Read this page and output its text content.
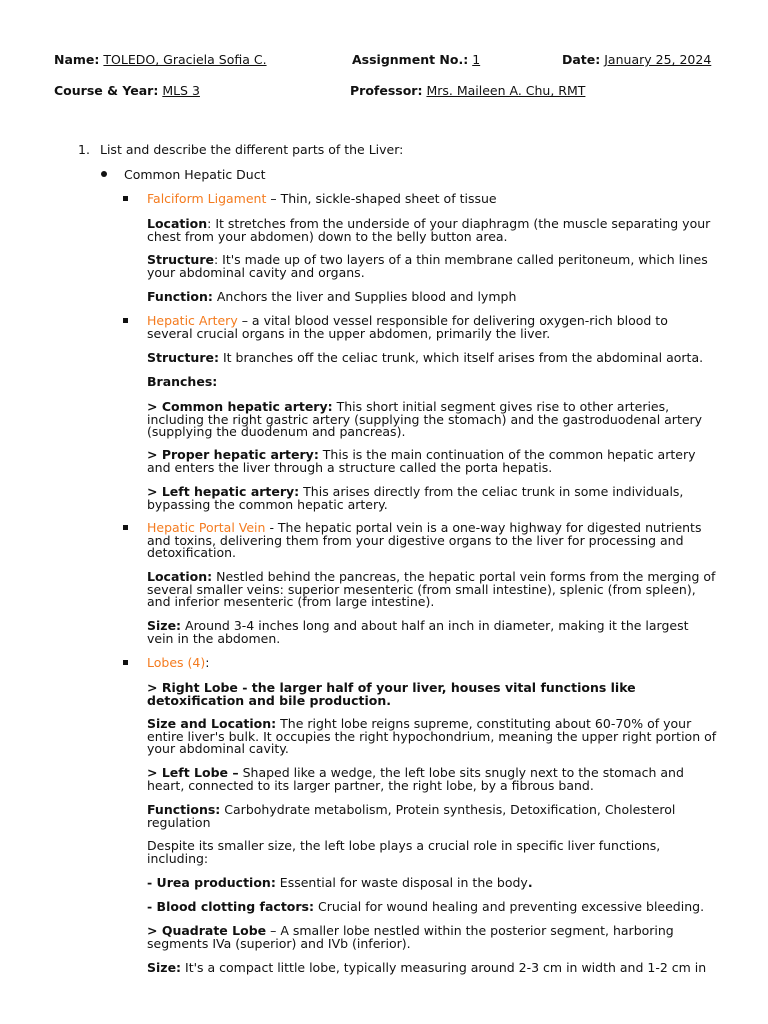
Name: TOLEDO, Graciela Sofia C.	Assignment No.: 1	Date: January 25, 2024
Course & Year: MLS 3	Professor: Mrs. Maileen A. Chu, RMT
1. List and describe the different parts of the Liver:
Common Hepatic Duct
Falciform Ligament – Thin, sickle-shaped sheet of tissue
Location: It stretches from the underside of your diaphragm (the muscle separating your chest from your abdomen) down to the belly button area.
Structure: It's made up of two layers of a thin membrane called peritoneum, which lines your abdominal cavity and organs.
Function: Anchors the liver and Supplies blood and lymph
Hepatic Artery – a vital blood vessel responsible for delivering oxygen-rich blood to several crucial organs in the upper abdomen, primarily the liver.
Structure: It branches off the celiac trunk, which itself arises from the abdominal aorta.
Branches:
> Common hepatic artery: This short initial segment gives rise to other arteries, including the right gastric artery (supplying the stomach) and the gastroduodenal artery (supplying the duodenum and pancreas).
> Proper hepatic artery: This is the main continuation of the common hepatic artery and enters the liver through a structure called the porta hepatis.
> Left hepatic artery: This arises directly from the celiac trunk in some individuals, bypassing the common hepatic artery.
Hepatic Portal Vein - The hepatic portal vein is a one-way highway for digested nutrients and toxins, delivering them from your digestive organs to the liver for processing and detoxification.
Location: Nestled behind the pancreas, the hepatic portal vein forms from the merging of several smaller veins: superior mesenteric (from small intestine), splenic (from spleen), and inferior mesenteric (from large intestine).
Size: Around 3-4 inches long and about half an inch in diameter, making it the largest vein in the abdomen.
Lobes (4):
> Right Lobe - the larger half of your liver, houses vital functions like detoxification and bile production.
Size and Location: The right lobe reigns supreme, constituting about 60-70% of your entire liver's bulk. It occupies the right hypochondrium, meaning the upper right portion of your abdominal cavity.
> Left Lobe – Shaped like a wedge, the left lobe sits snugly next to the stomach and heart, connected to its larger partner, the right lobe, by a fibrous band.
Functions: Carbohydrate metabolism, Protein synthesis, Detoxification, Cholesterol regulation
Despite its smaller size, the left lobe plays a crucial role in specific liver functions, including:
- Urea production: Essential for waste disposal in the body.
- Blood clotting factors: Crucial for wound healing and preventing excessive bleeding.
> Quadrate Lobe – A smaller lobe nestled within the posterior segment, harboring segments IVa (superior) and IVb (inferior).
Size: It's a compact little lobe, typically measuring around 2-3 cm in width and 1-2 cm in
